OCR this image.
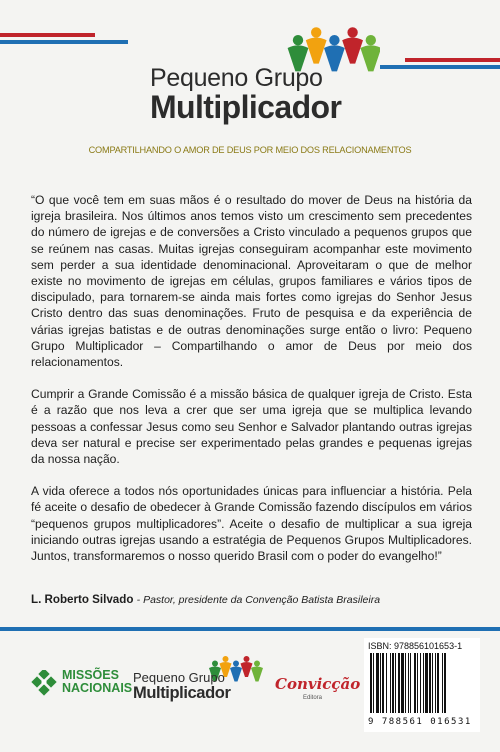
Pequeno Grupo
Multiplicador
COMPARTILHANDO O AMOR DE DEUS POR MEIO DOS RELACIONAMENTOS

“O que você tem em suas mãos é o resultado do mover de Deus na história da igreja brasileira. Nos últimos anos temos visto um crescimento sem precedentes do número de igrejas e de conversões a Cristo vinculado a pequenos grupos que se reúnem nas casas. Muitas igrejas conseguiram acompanhar este movimento sem perder a sua identidade denominacional. Aproveitaram o que de melhor existe no movimento de igrejas em células, grupos familiares e vários tipos de discipulado, para tornarem-se ainda mais fortes como igrejas do Senhor Jesus Cristo dentro das suas denominações. Fruto de pesquisa e da experiência de várias igrejas batistas e de outras denominações surge então o livro: Pequeno Grupo Multiplicador – Compartilhando o amor de Deus por meio dos relacionamentos.

Cumprir a Grande Comissão é a missão básica de qualquer igreja de Cristo. Esta é a razão que nos leva a crer que ser uma igreja que se multiplica levando pessoas a confessar Jesus como seu Senhor e Salvador plantando outras igrejas deva ser natural e precise ser experimentado pelas grandes e pequenas igrejas da nossa nação.

A vida oferece a todos nós oportunidades únicas para influenciar a história. Pela fé aceite o desafio de obedecer à Grande Comissão fazendo discípulos em vários “pequenos grupos multiplicadores”. Aceite o desafio de multiplicar a sua igreja iniciando outras igrejas usando a estratégia de Pequenos Grupos Multiplicadores. Juntos, transformaremos o nosso querido Brasil com o poder do evangelho!”

L. Roberto Silvado - Pastor, presidente da Convenção Batista Brasileira
MISSÕES
NACIONAIS
Pequeno Grupo
Multiplicador	Convicção
Editora
ISBN: 978856101653-1
9 788561 016531
